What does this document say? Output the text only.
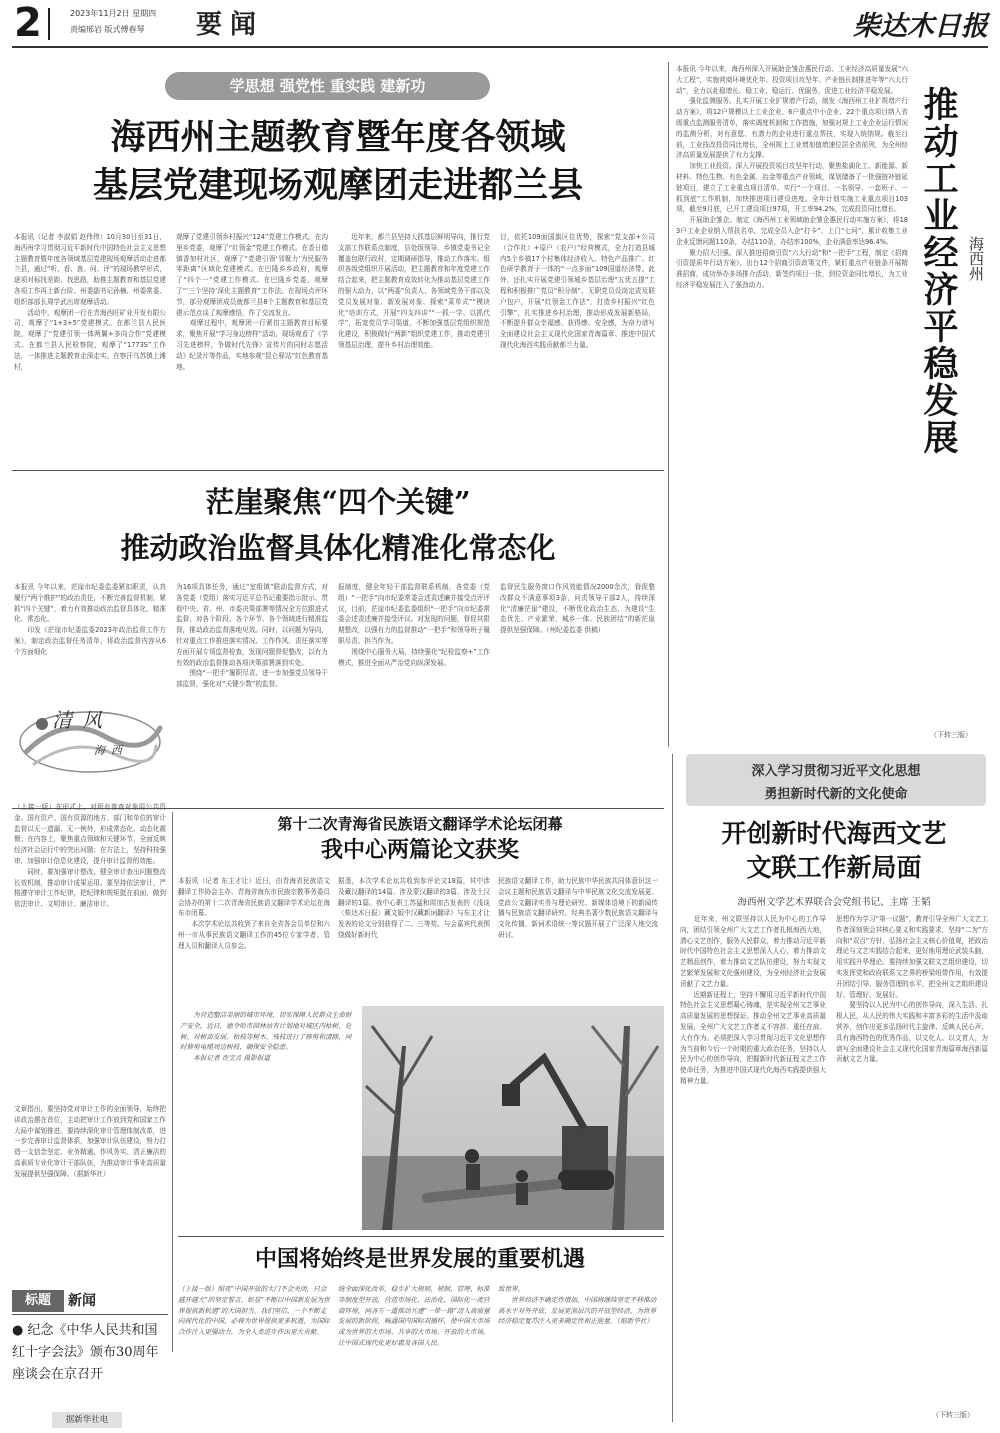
2	2023年11月2日 星期四
责编邢岩 版式傅春琴 要闻	柴达木日报
学思想 强党性 重实践 建新功
海西州主题教育暨年度各领域
基层党建现场观摩团走进都兰县

本报讯（记者 李淑娟 赵伟伟）10月30日至31日，海西州学习贯彻习近平新时代中国特色社会主义思想主题教育暨年度各领域基层党建现场观摩活动走进都兰县，通过“听、看、查、问、评”的现场教学形式，逐项对标找差距、找思路，助推主题教育和基层党建各项工作再上新台阶。州委副书记孙楠、州委常委、组织部部长周学武出席观摩活动。
　　活动中，观摩团一行在青海西旺矿业开发有限公司，观摩了“1+3+5”党建模式。在都兰县人民医院，观摩了“党建引领一体两翼+多向合作”党建模式。在都兰县人民检察院，观摩了“1773S”工作法，一体推进主题教育走深走实。在察汗乌苏镇上滩村，

观摩了党建引领乡村振兴“124”党建工作模式。在沟里乡党委，观摩了“红领金”党建工作模式。在香日德镇香加村社区，观摩了“党建引领‘邻聚力’为民服务零距离”区域化党建模式。在巴隆乡乡政府，观摩了“四个一”党建工作模式。在巴隆乡党委，观摩了“‘三个坚持’深化主题教育”工作法。在现场点评环节，部分观摩团成员就都兰县8个主题教育和基层党建示范点谈了观摩感悟，作了交流发言。
　　观摩过程中，观摩团一行紧扣主题教育目标要求，聚焦开展“学习身边榜样”活动，现场观看了《学习先进榜样，争做时代先锋》宣传片的同时志愿活动》纪录片等作品，实地参观“昆仑驿站”红色教育基地。

　　近年来，都兰县坚持大抓基层鲜明导向，推行党支部工作联系点制度，县处级领导、乡镇党委书记全覆盖包联行政村，定期调研指导，推动工作落实。组织各级党组织开展活动，把主题教育和年度党建工作结合起来，把主题教育成效转化为推动基层党建工作的强大动力，以“两委”负责人、各领域党务干部以及党员发展对象、新发展对象、探索“菜单式”“模块化”培训方式，开展“四支四讲”“一抓一学、以抓代学”，拓宽党员学习渠道，不断加强基层党组织规范化建设，积极做好“两新”组织党建工作，推动党建引领基层治理，提升乡村治理效能。

目，依托109面国旗区位优势，探索“党支部+公司（合作社）+原户（农户）”经营模式，全力打造县城内5个乡镇17个村集体经济收入，特色产品推广、红色研学教育于一体的“一点多面”109国道经济带。此外，还扎实开展党建引领城乡基层治理“五优五提”工程和积极推广党员“积分制”、无职党员设岗定责及联户包户，开展“红领金工作法”，打造乡村振兴“红色引擎”，扎实推进乡村治理，推动形成发展新格局，不断提升群众幸福感、获得感、安全感，为奋力谱写全面建设社会主义现代化国家青海篇章、推进中国式现代化海西实践贡献都兰力量。

本报讯 今年以来，海西州深入开展助企雏企惠民行动、工业经济高质量发展“六大工程”，实施营商环境优化年、投资项目攻坚年、产业链长制推进年等“六大行动”，全力以赴稳增长、稳工业、稳运行、优服务，促进工业经济平稳发展。
　　强化监测服务。扎实开展工业扩规增产行动，制发《海西州工业扩规增产行动方案》，将12户规模以上工业企业、6户重点中小企业、22个重点项目纳入省级重点监测服务清单，落实调度机制和工作措施，加强对规上工业企业运行情况的监测分析，对有意愿、有潜力的企业进行重点帮扶，实现入统纳规。截至目前，工业技改投资同比增长，全州规上工业增加值增速位居全省前列，为全州经济高质量发展提供了有力支撑。
　　加快工业投资。深入开展投资项目攻坚年行动，聚焦盐湖化工、新能源、新材料、特色生物、有色金属、冶金等重点产业领域，谋划储备了一批强链补链延链项目，建立了工业重点项目清单，实行“一个项目、一名领导、一套班子、一抓到底”工作机制，加快推进项目建设进度。全年计划实施工业重点项目103项，截至9月底，已开工建设项目97项，开工率94.2%，完成投资同比增长。
　　开展助企雏企。制定《海西州工业领域助企雏企惠民行动实施方案》，将183户工业企业纳入帮扶名单，完成全员入企“打卡”、上门“七问”，累计收集工业企业反馈问题110条，办结110条，办结率100%，企业满意率达96.4%。
　　聚力招大引强。深入推进招商引资“六大行动”和“一把手”工程，制定《招商引资提质年行动方案》，出台12个招商引资政策文件，紧盯重点产业链条开展精准招商，成功举办多场推介活动，新签约项目一批，到位资金同比增长，为工业经济平稳发展注入了强劲动力。	推动工业经济平稳发展 海西州
（下转三版）
茫崖聚焦“四个关键”
推动政治监督具体化精准化常态化

本报讯 今年以来，茫崖市纪委监委紧扣职责，认真履行“两个维护”的政治责任，不断完善监督机制，紧抓“四个关键”，着力有效推动政治监督具体化、精准化、常态化。
　　印发《茫崖市纪委监委2023年政治监督工作方案》，制定政治监督任务清单，将政治监督内容从6个方面细化

为16项具体任务，通过“室组镇”联动监督方式，对各党委（党组）落实习近平总书记重要指示批示、贯彻中央、省、州、市委决策部署等情况全方位跟进式监督，对各个阶段、各个环节、各个领域进行精准监督，推动政治监督落地见效。同时，以问题为导向，针对重点工作推进落实情况、工作作风、责任落实等方面开展专项监督检查，发现问题督促整改，以有力有效的政治监督推动各项决策部署落到实处。
　　围绕“一把手”履职尽责、进一步加强党员领导干部监督，强化对“关键少数”的监督。

报制度，健全年轻干部监督联系机制，各党委（党组）“一把手”向市纪委常委会述责述廉并接受点评评议，目前，茫崖市纪委监委组织“一把手”向市纪委常委会述责述廉并接受评议。对发现的问题，督促其限期整改，以强有力的监督推动“一把手”和领导班子履职尽责、担当作为。
　　围绕中心服务大局，持续强化“纪检监察+”工作模式，推进全面从严治党向纵深发展。

监督民生服务窗口作风效能情况2000余次，督促整改群众不满意事项3条，问责领导干部2人，持续深化“清廉茫崖”建设，不断优化政治生态，为建设“生态优先、产业繁荣、城乡一体、民族团结”的新茫崖提供坚强保障。（州纪委监委 供稿）

清风
海西
深入学习贯彻习近平文化思想
勇担新时代新的文化使命
开创新时代海西文艺
文联工作新局面
海西州文学艺术界联合会党组书记、主席 王韬

　　近年来，州文联坚持以人民为中心的工作导向，团结引领全州广大文艺工作者扎根海西大地，潜心文艺创作，服务人民群众，着力推动习近平新时代中国特色社会主义思想深入人心，着力推动文艺精品创作，着力推动文艺队伍建设，努力实现文艺繁荣发展和文化强州建设，为全州经济社会发展贡献了文艺力量。
　　近期新征程上，坚持不懈用习近平新时代中国特色社会主义思想凝心铸魂，是实现全州文艺事业高质量发展的思想保证。推动全州文艺事业高质量发展，全州广大文艺工作者义不容辞、重任在肩、大有作为。必须把深入学习贯彻习近平文化思想作为当前和今后一个时期的重大政治任务，坚持以人民为中心的创作导向，把握新时代新征程文艺工作使命任务，为推进中国式现代化海西实践提供强大精神力量。

思想作为学习“第一议题”，教育引导全州广大文艺工作者深刻领会其核心要义和实践要求，坚持“二为”方向和“双百”方针，弘扬社会主义核心价值观，把政治理论与文艺实践结合起来，更好地用理论武装头脑，用实践升华理论。要持续加强文联文艺组织建设，切实发挥党和政府联系文艺界的桥梁纽带作用，有效提升团结引导、服务管理的水平，把全州文艺组织建设好、管理好、发展好。
　　要坚持以人民为中心的创作导向，深入生活、扎根人民，从人民的伟大实践和丰富多彩的生活中汲取营养，创作出更多弘扬时代主旋律、反映人民心声、具有海西特色的优秀作品，以文化人、以文育人，为谱写全面建设社会主义现代化国家青海篇章海西新篇贡献文艺力量。

（下转三版）

（上接一版）在形式上，对所有普查对象用公共资金、国有资产、国有资源的地方、部门和单位的审计监督以无一遗漏、无一例外，形成常态化、动态化震慑；在内容上，聚焦重点领域和关键环节，全面反映经济社会运行中的突出问题；在方法上，坚持科技强审，加强审计信息化建设，提升审计监督的效能。
　　同时，要加强审计整改，健全审计查出问题整改长效机制，推动审计成果运用。要坚持依法审计，严格遵守审计工作纪律，把纪律和规矩挺在前面，做到依法审计、文明审计、廉洁审计。

文章指出，要坚持党对审计工作的全面领导，始终把讲政治摆在首位，主动把审计工作放到党和国家工作大局中谋划推进。要持续深化审计管理体制改革，进一步完善审计监督体系，加强审计队伍建设，努力打造一支信念坚定、业务精通、作风务实、清正廉洁的高素质专业化审计干部队伍，为推动审计事业高质量发展提供坚强保障。（据新华社）

第十二次青海省民族语文翻译学术论坛闭幕
我中心两篇论文获奖

本报讯（记者 东主才让）近日，由青海省民族语文翻译工作协会主办、青海省海东市民族宗教事务委员会协办的第十二次青海省民族语文翻译学术论坛在海东市闭幕。
　　本次学术论坛共收到了来自全省各会员单位和六州一市从事民族语文翻译工作的45位专家学者、管理人员和翻译人员参会。

据悉，本次学术论坛共收到参评论文18篇，其中涉及藏汉翻译的14篇、涉及蒙汉翻译的3篇、涉及土汉翻译的1篇。我中心职工苏猛和周加古发表的《浅谈〈柴达木日报〉藏文版中汉藏新词翻译》与东主才让发表的论文分别获得了二、三等奖。与会嘉宾代表围绕做好新时代

民族语文翻译工作，助力民族中华民族共同体意识这一会议主题和民族语文翻译与中华民族文化交流发展更、党政公文翻译实务与理论研究、新媒体语境下的新闻传播与民族语文翻译研究、经典名著少数民族语文翻译与文化传播、新词术语统一等议题开展了广泛深入地交流研讨。

　　为营造整洁美丽的城市环境，切实保障人民群众生命财产安全，近日，德令哈市园林站有计划地对城区内枯树、危树、对树苗发展、枯枝等树木、残枝进行了修剪和清除，同时修剪电缆周边树枝，确保安全隐患。
　　本报记者 查宝音 摄影报道

中国将始终是世界发展的重要机遇

（上接一版）照亮“中国开放的大门不会关闭，只会越开越大”的坚定誓言，彰显“不断以中国新发展为世界提供新机遇”的大国担当。我们坚信，一个不断走向现代化的中国，必将为世界提供更多机遇，为国际合作注入更强动力，为全人类进步作出更大贡献。

统全面深化改革，稳步扩大规则、规制、管理、标准等制度型开放，营造市场化、法治化、国际化一流营商环境，同各方一道推动共建“一带一路”迈入高质量发展的新阶段，畅通国内国际双循环，使中国大市场成为世界的大市场、共享的大市场、开放的大市场，让中国式现代化更好惠及各国人民。

致世界。
　　世界经济不确定性增加，中国将继续坚定不移推动高水平对外开放，发展更高层次的开放型经济，为世界经济稳定复苏注入更多确定性和正能量。（据新华社）

标题	新闻
● 纪念《中华人民共和国红十字会法》颁布30周年座谈会在京召开
据新华社电
